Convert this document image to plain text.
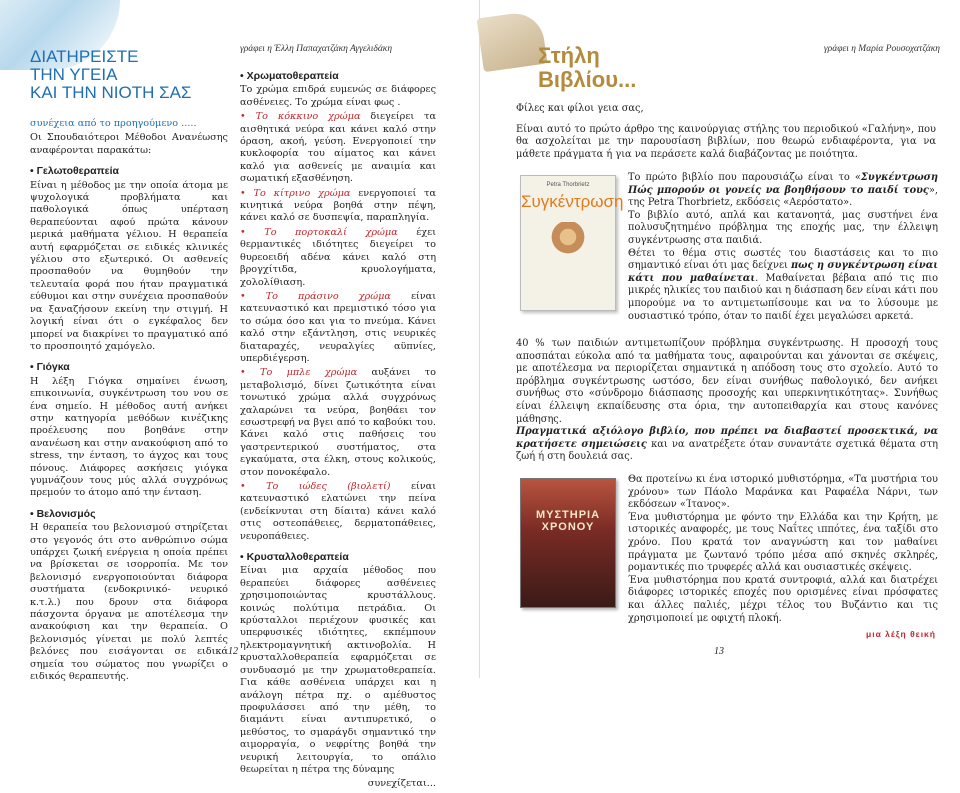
ΔΙΑΤΗΡΕΙΣΤΕ
ΤΗΝ ΥΓΕΙΑ
ΚΑΙ ΤΗΝ ΝΙΟΤΗ ΣΑΣ
γράφει η Έλλη Παπαχατζάκη Αγγελιδάκη

συνέχεια από το προηγούμενο .....

Οι Σπουδαιότεροι Μέθοδοι Ανανέωσης αναφέρονται παρακάτω:

• Γελωτοθεραπεία

Είναι η μέθοδος με την οποία άτομα με ψυχολογικά προβλήματα και παθολογικά όπως υπέρταση θεραπεύονται αφού πρώτα κάνουν μερικά μαθήματα γέλιου. Η θεραπεία αυτή εφαρμόζεται σε ειδικές κλινικές γέλιου στο εξωτερικό. Οι ασθενείς προσπαθούν να θυμηθούν την τελευταία φορά που ήταν πραγματικά εύθυμοι και στην συνέχεια προσπαθούν να ξαναζήσουν εκείνη την στιγμή. Η λογική είναι ότι ο εγκέφαλος δεν μπορεί να διακρίνει το πραγματικό από το προσποιητό χαμόγελο.

• Γιόγκα

Η λέξη Γιόγκα σημαίνει ένωση, επικοινωνία, συγκέντρωση του νου σε ένα σημείο. Η μέθοδος αυτή ανήκει στην κατηγορία μεθόδων κινέζικης προέλευσης που βοηθάνε στην ανανέωση και στην ανακούφιση από το stress, την ένταση, το άγχος και τους πόνους. Διάφορες ασκήσεις γιόγκα γυμνάζουν τους μύς αλλά συγχρόνως πρεμούν το άτομο από την ένταση.

• Βελονισμός

Η θεραπεία του βελονισμού στηρίζεται στο γεγονός ότι στο ανθρώπινο σώμα υπάρχει ζωική ενέργεια η οποία πρέπει να βρίσκεται σε ισορροπία. Με τον βελονισμό ενεργοποιούνται διάφορα συστήματα (ενδοκρινικό- νευρικό κ.τ.λ.) που δρουν στα διάφορα πάσχοντα όργανα με αποτέλεσμα την ανακούφιση και την θεραπεία. Ο βελονισμός γίνεται με πολύ λεπτές βελόνες που εισάγονται σε ειδικά σημεία του σώματος που γνωρίζει ο ειδικός θεραπευτής.

• Χρωματοθεραπεία

Το χρώμα επιδρά ευμενώς σε διάφορες ασθένειες. Το χρώμα είναι φως .

• Το κόκκινο χρώμα διεγείρει τα αισθητικά νεύρα και κάνει καλό στην όραση, ακοή, γεύση. Ενεργοποιεί την κυκλοφορία του αίματος και κάνει καλό για ασθενείς με αναιμία και σωματική εξασθένηση.

• Το κίτρινο χρώμα ενεργοποιεί τα κινητικά νεύρα βοηθά στην πέψη, κάνει καλό σε δυσπεψία, παραπληγία.

• Το πορτοκαλί χρώμα έχει θερμαντικές ιδιότητες διεγείρει το θυρεοειδή αδένα κάνει καλό στη βρογχίτιδα, κρυολογήματα, χολολίθιαση.

• Το πράσινο χρώμα είναι κατευναστικό και πρεμιστικό τόσο για το σώμα όσο και για το πνεύμα. Κάνει καλό στην εξάντληση, στις νευρικές διαταραχές, νευραλγίες αϋπνίες, υπερδιέγερση.

• Το μπλε χρώμα αυξάνει το μεταβολισμό, δίνει ζωτικότητα είναι τονωτικό χρώμα αλλά συγχρόνως χαλαρώνει τα νεύρα, βοηθάει τον εσωστρεφή να βγει από το καβούκι του. Κάνει καλό στις παθήσεις του γαστρεντερικού συστήματος, στα εγκαύματα, στα έλκη, στους κολικούς, στον πονοκέφαλο.

• Το ιώδες (βιολετί) είναι κατευναστικό ελατώνει την πείνα (ενδείκνυται στη δίαιτα) κάνει καλό στις οστεοπάθειες, δερματοπάθειες, νευροπάθειες.

• Κρυσταλλοθεραπεία

Είναι μια αρχαία μέθοδος που θεραπεύει διάφορες ασθένειες χρησιμοποιώντας κρυστάλλους. κοινώς πολύτιμα πετράδια. Οι κρύσταλλοι περιέχουν φυσικές και υπερφυσικές ιδιότητες, εκπέμπουν ηλεκτρομαγνητική ακτινοβολία. Η κρυσταλλοθεραπεία εφαρμόζεται σε συνδυασμό με την χρωματοθεραπεία. Για κάθε ασθένεια υπάρχει και η ανάλογη πέτρα πχ. ο αμέθυστος προφυλάσσει από την μέθη, το διαμάντι είναι αντιπυρετικό, ο μεθύστος, το σμαράγδι σημαντικό την αιμορραγία, ο νεφρίτης βοηθά την νευρική λειτουργία, το οπάλιο θεωρείται η πέτρα της δύναμης

συνεχίζεται...

12
Στήλη
Βιβλίου...
γράφει η Μαρία Ρουσοχατζάκη

Φίλες και φίλοι γεια σας,

Είναι αυτό το πρώτο άρθρο της καινούργιας στήλης του περιοδικού «Γαλήνη», που θα ασχολείται με την παρουσίαση βιβλίων, που θεωρώ ενδιαφέροντα, για να μάθετε πράγματα ή για να περάσετε καλά διαβάζοντας με ποιότητα.

Petra Thorbrietz
Συγκέντρωση

Το πρώτο βιβλίο που παρουσιάζω είναι το «Συγκέντρωση Πώς μπορούν οι γονείς να βοηθήσουν το παιδί τους», της Petra Thorbrietz, εκδόσεις «Αερόστατο».

Το βιβλίο αυτό, απλά και κατανοητά, μας συστήνει ένα πολυσυζητημένο πρόβλημα της εποχής μας, την έλλειψη συγκέντρωσης στα παιδιά.

Θέτει το θέμα στις σωστές του διαστάσεις και το πιο σημαντικό είναι ότι μας δείχνει πως η συγκέντρωση είναι κάτι που μαθαίνεται. Μαθαίνεται βέβαια από τις πιο μικρές ηλικίες του παιδιού και η διάσπαση δεν είναι κάτι που μπορούμε να το αντιμετωπίσουμε και να το λύσουμε με ουσιαστικό τρόπο, όταν το παιδί έχει μεγαλώσει αρκετά.

40 % των παιδιών αντιμετωπίζουν πρόβλημα συγκέντρωσης. Η προσοχή τους αποσπάται εύκολα από τα μαθήματα τους, αφαιρούνται και χάνονται σε σκέψεις, με αποτέλεσμα να περιορίζεται σημαντικά η απόδοση τους στο σχολείο. Αυτό το πρόβλημα συγκέντρωσης ωστόσο, δεν είναι συνήθως παθολογικό, δεν ανήκει συνήθως στο «σύνδρομο διάσπασης προσοχής και υπερκινητικότητας». Συνήθως είναι έλλειψη εκπαίδευσης στα όρια, την αυτοπειθαρχία και στους κανόνες μάθησης.

Πραγματικά αξιόλογο βιβλίο, που πρέπει να διαβαστεί προσεκτικά, να κρατήσετε σημειώσεις και να ανατρέξετε όταν συναντάτε σχετικά θέματα στη ζωή ή στη δουλειά σας.

ΜΥΣΤΗΡΙΑ ΧΡΟΝΟΥ

Θα προτείνω κι ένα ιστορικό μυθιστόρημα, «Τα μυστήρια του χρόνου» των Πάολο Μαράνκα και Ραφαέλα Νάρνι, των εκδόσεων «Ίτανος».

Ένα μυθιστόρημα με φόντο την Ελλάδα και την Κρήτη, με ιστορικές αναφορές, με τους Ναΐτες ιππότες, ένα ταξίδι στο χρόνο. Που κρατά τον αναγνώστη και τον μαθαίνει πράγματα με ζωντανό τρόπο μέσα από σκηνές σκληρές, ρομαντικές πιο τρυφερές αλλά και ουσιαστικές σκέψεις.

Ένα μυθιστόρημα που κρατά συντροφιά, αλλά και διατρέχει διάφορες ιστορικές εποχές που ορισμένες είναι πρόσφατες και άλλες παλιές, μέχρι τέλος του Βυζάντιο και τις χρησιμοποιεί με οφιχτή πλοκή.

μια λέξη θεική
13
